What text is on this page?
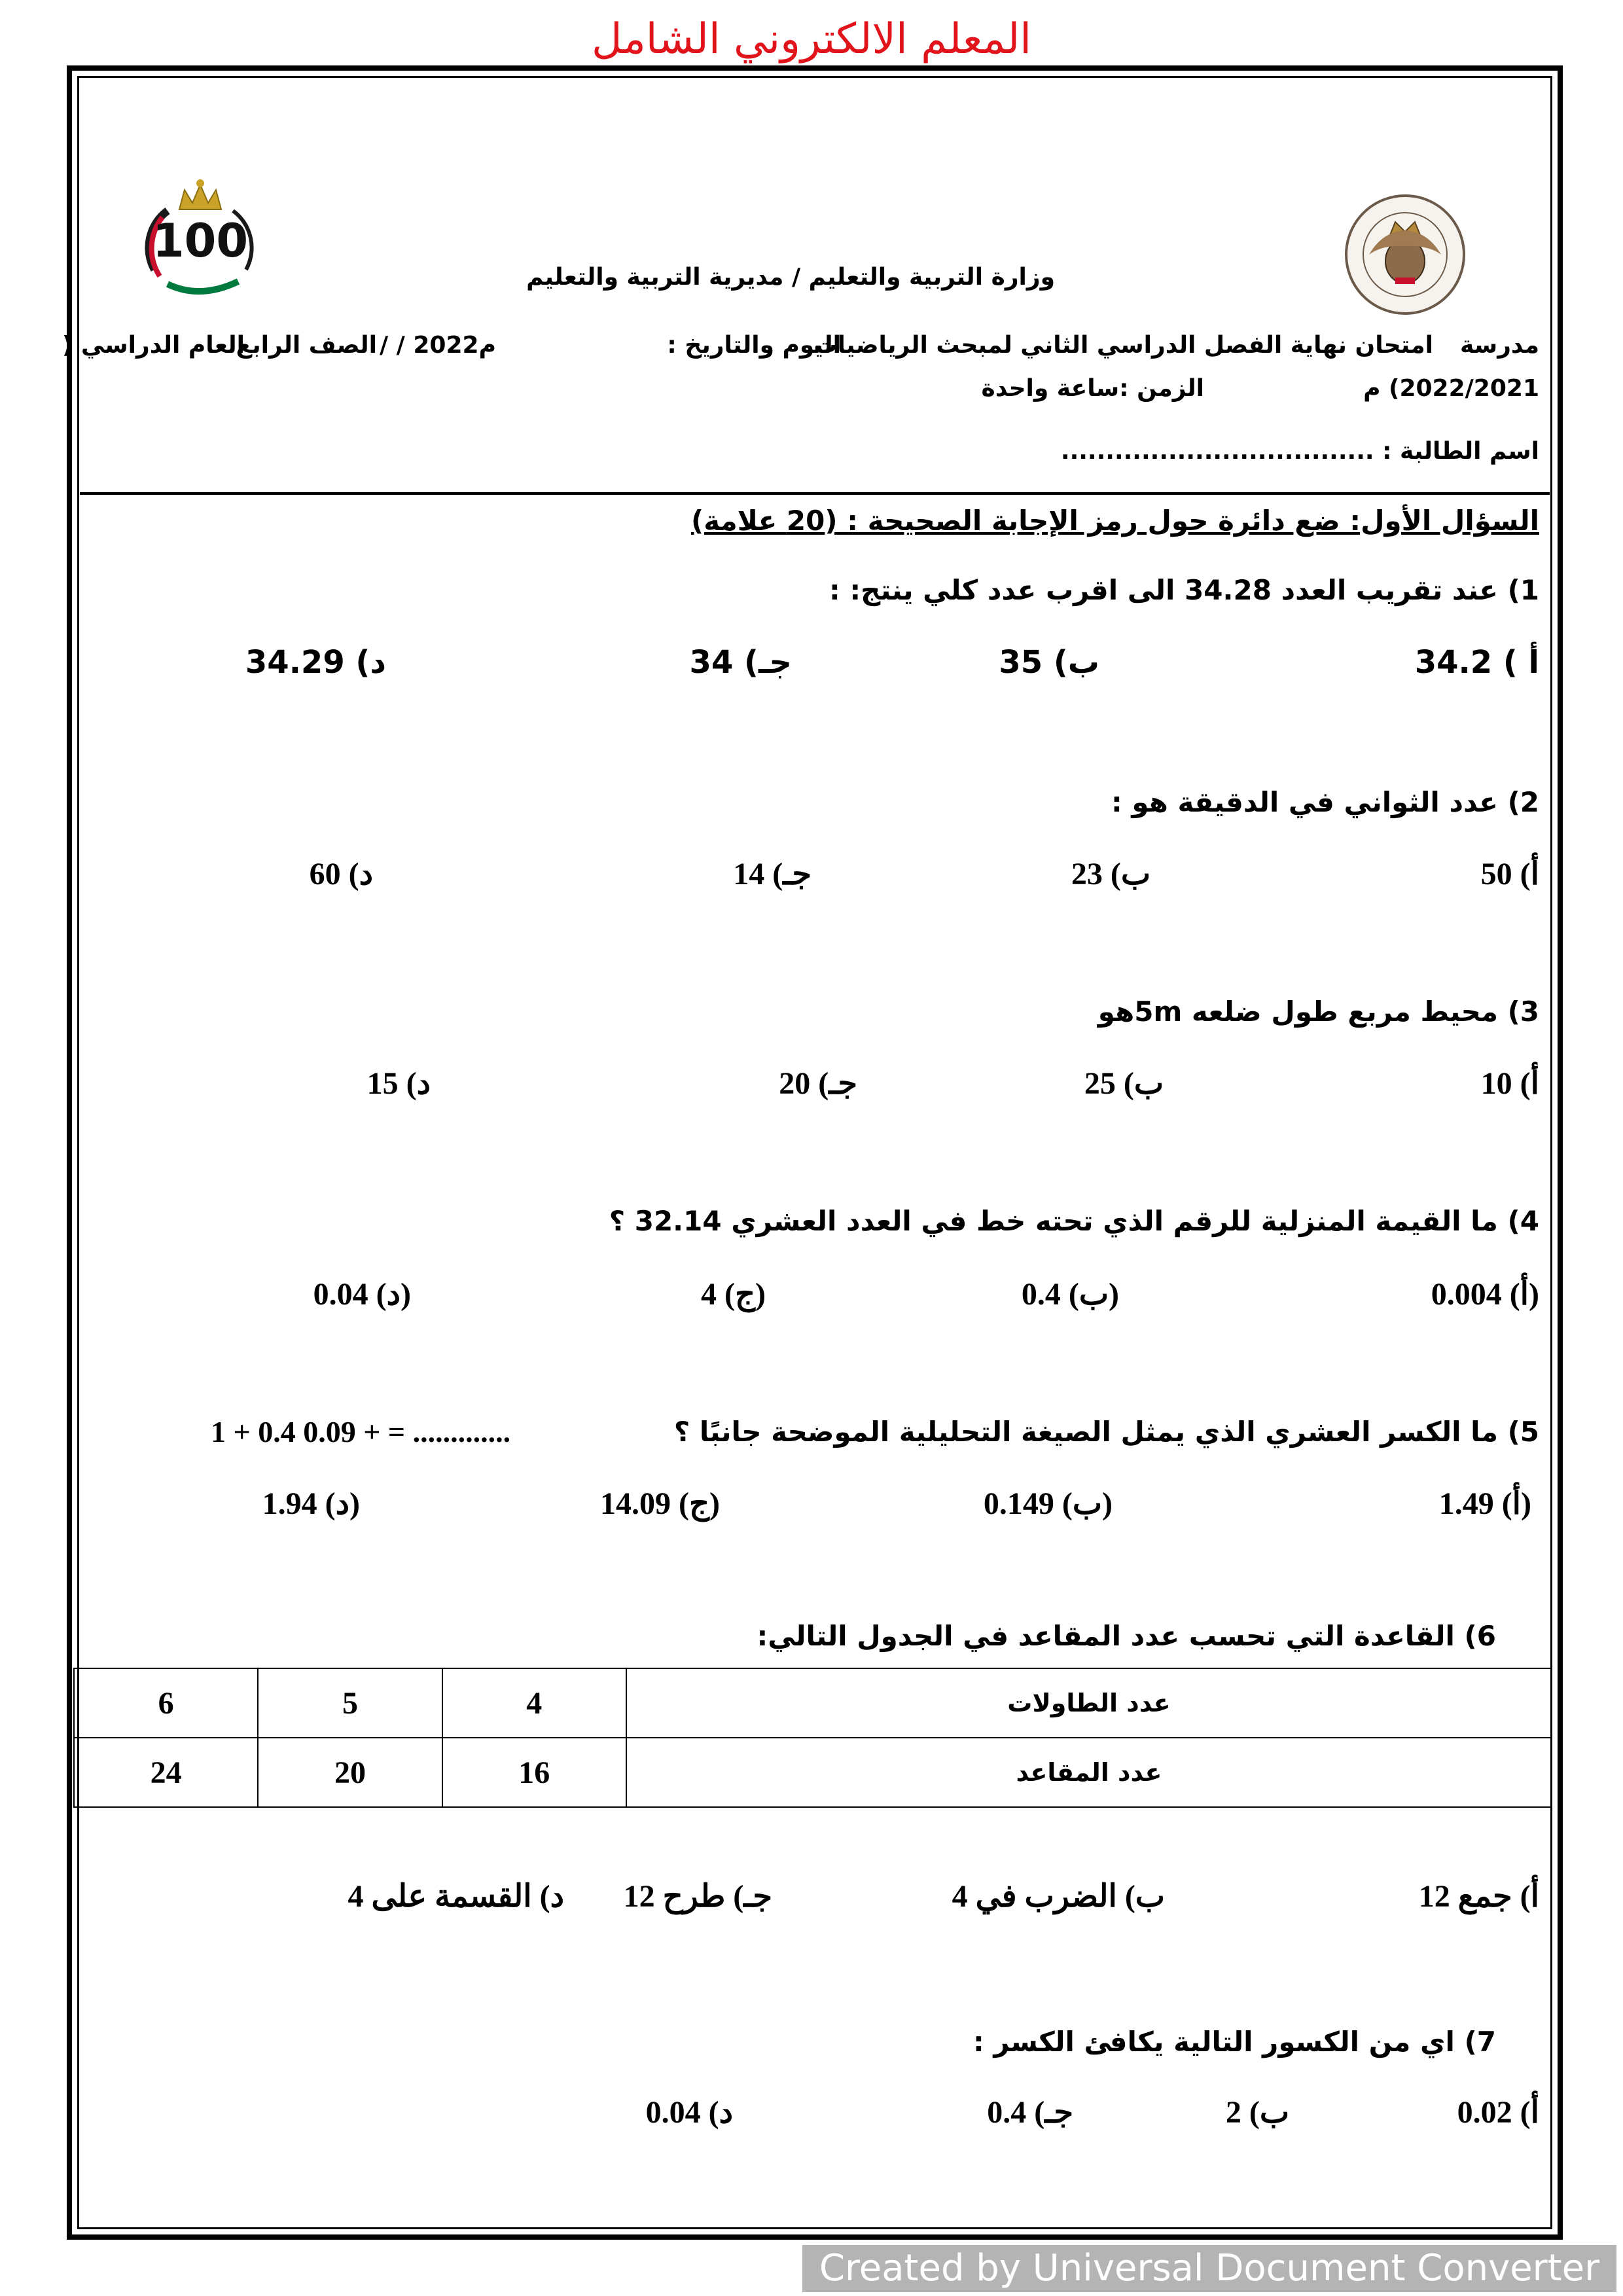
المعلم الالكتروني الشامل
100
وزارة التربية والتعليم / مديرية التربية والتعليم
مدرسة
امتحان نهاية الفصل الدراسي الثاني لمبحث الرياضيات
اليوم والتاريخ :
/ / 2022م
الصف الرابع
العام الدراسي (
2022/2021) م
الزمن :ساعة واحدة
اسم الطالبة : ...................................
السؤال الأول: ضع دائرة حول رمز الإجابة الصحيحة : (20 علامة)
1) عند تقريب العدد 34.28 الى اقرب عدد كلي ينتج: :
أ ) 34.2
ب) 35
جـ) 34
د) 34.29
2) عدد الثواني في الدقيقة هو :
أ) 50
ب) 23
جـ) 14
د) 60
3) محيط مربع طول ضلعه 5mهو
أ) 10
ب) 25
جـ) 20
د) 15
4) ما القيمة المنزلية للرقم الذي تحته خط في العدد العشري 32.14 ؟
(أ) 0.004
(ب) 0.4
(ج) 4
(د) 0.04
5) ما الكسر العشري الذي يمثل الصيغة التحليلية الموضحة جانبًا ؟
1 + 0.4 0.09 + = .............
(أ) 1.49
(ب) 0.149
(ج) 14.09
(د) 1.94
6) القاعدة التي تحسب عدد المقاعد في الجدول التالي:
6	5	4	عدد الطاولات
24	20	16	عدد المقاعد
أ) جمع 12
ب) الضرب في 4
جـ) طرح 12
د) القسمة على 4
7) اي من الكسور التالية يكافئ الكسر :
أ) 0.02
ب) 2
جـ) 0.4
د) 0.04
Created by Universal Document Converter
